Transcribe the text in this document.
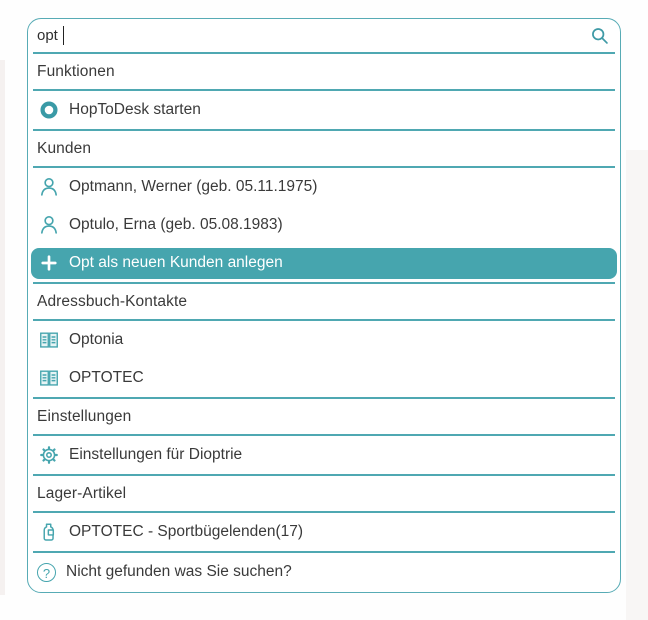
opt
Funktionen
HopToDesk starten
Kunden
Optmann, Werner (geb. 05.11.1975)
Optulo, Erna (geb. 05.08.1983)
Opt als neuen Kunden anlegen
Adressbuch-Kontakte
Optonia
OPTOTEC
Einstellungen
Einstellungen für Dioptrie
Lager-Artikel
OPTOTEC - Sportbügelenden(17)
?	Nicht gefunden was Sie suchen?
